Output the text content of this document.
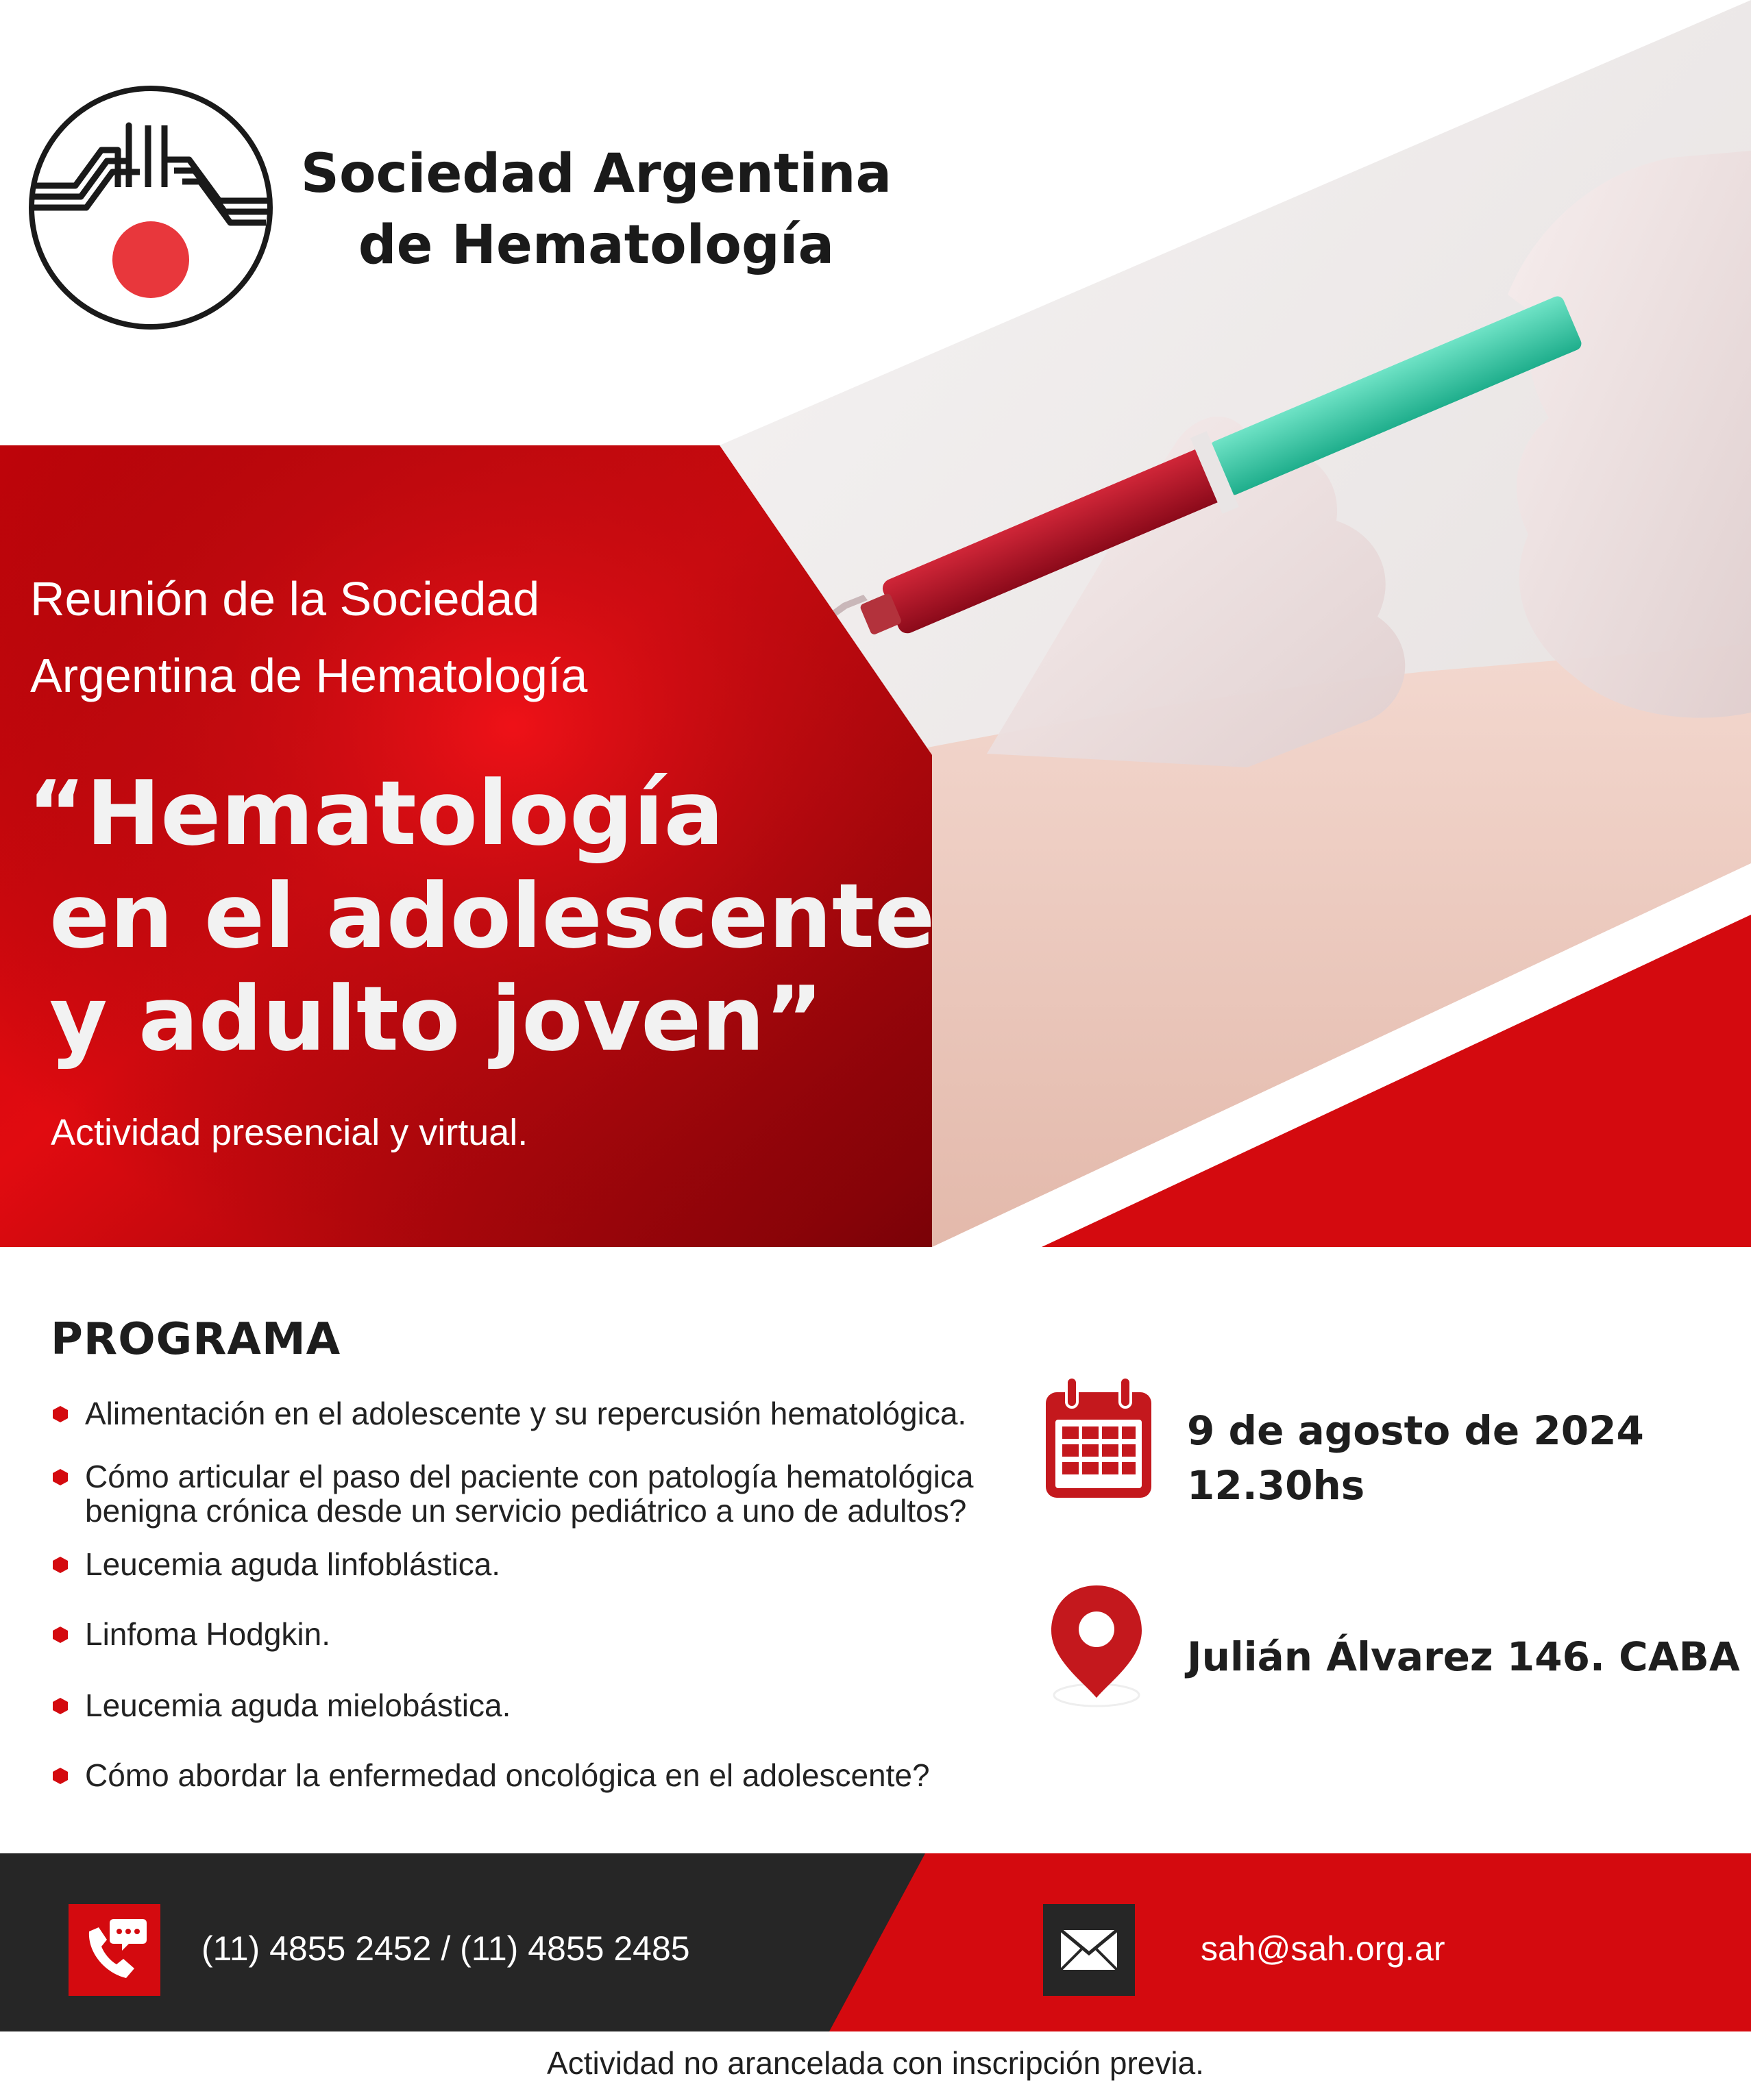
Sociedad Argentina
de Hematología
Reunión de la Sociedad
Argentina de Hematología
“Hematología
en el adolescente
y adulto joven”
Actividad presencial y virtual.
PROGRAMA
Alimentación en el adolescente y su repercusión hematológica.
Cómo articular el paso del paciente con patología hematológica
benigna crónica desde un servicio pediátrico a uno de adultos?
Leucemia aguda linfoblástica.
Linfoma Hodgkin.
Leucemia aguda mielobástica.
Cómo abordar la enfermedad oncológica en el adolescente?
9 de agosto de 2024
12.30hs
Julián Álvarez 146. CABA
(11) 4855 2452 / (11) 4855 2485	sah@sah.org.ar
Actividad no arancelada con inscripción previa.
